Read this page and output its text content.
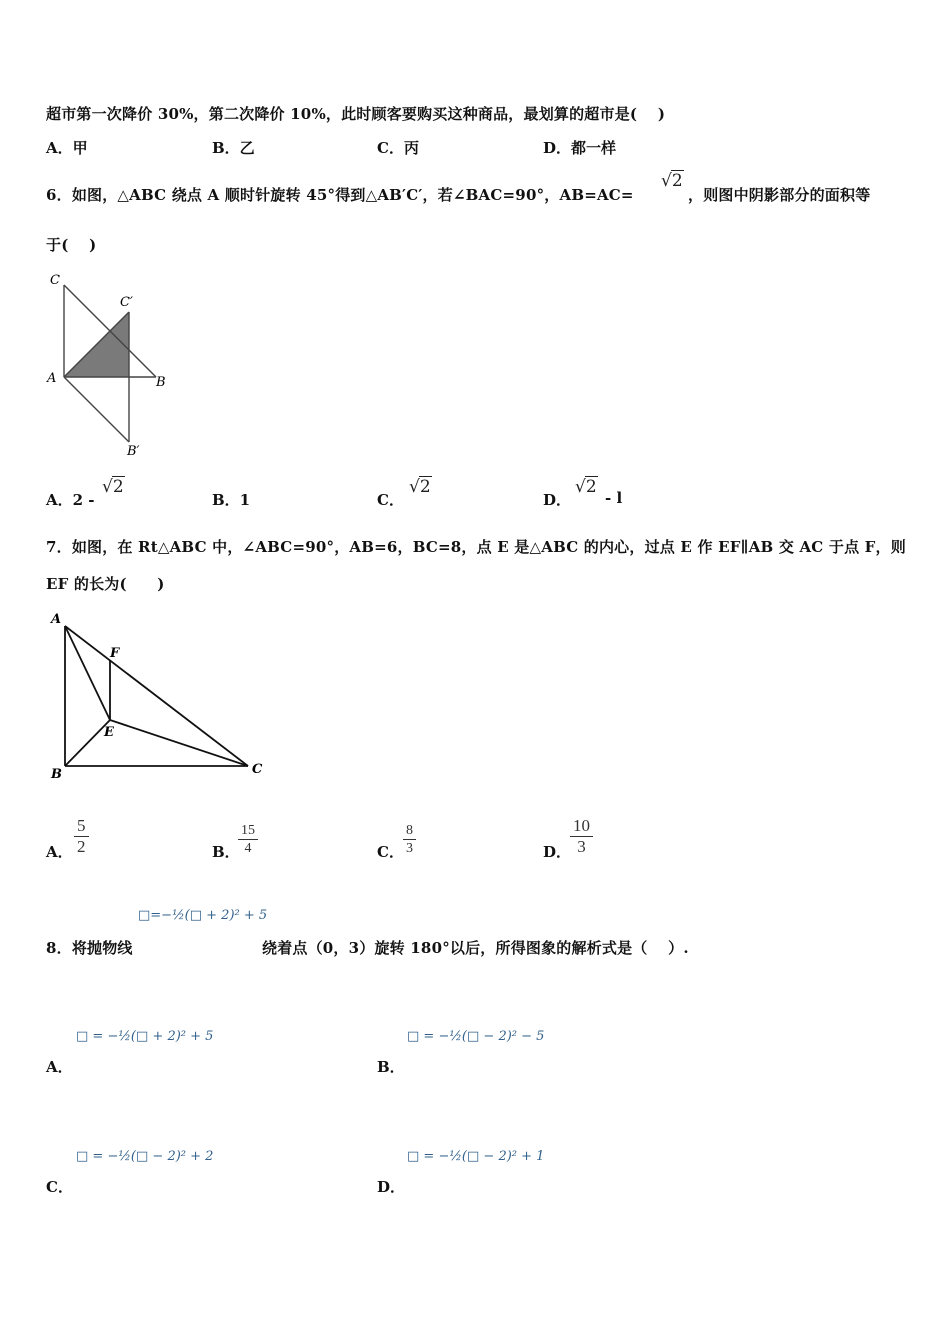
超市第一次降价 30%，第二次降价 10%，此时顾客要购买这种商品，最划算的超市是(　 )
A．甲	B．乙	C．丙	D．都一样
6．如图，△ABC 绕点 A 顺时针旋转 45°得到△AB′C′，若∠BAC=90°，AB=AC=
√2
，则图中阴影部分的面积等
于(　 )
C
C′
A	B
B′
A．2 -
√2
B．1	C．
√2
D．
√2
- l
7．如图，在 Rt△ABC 中，∠ABC=90°，AB=6，BC=8，点 E 是△ABC 的内心，过点 E 作 EF∥AB 交 AC 于点 F，则
EF 的长为(　　)
A
F
E
B	C
A． $\frac{5}{2}$	B．
$\frac{15}{4}$	C． $\frac{8}{3}$	D．
$\frac{10}{3}$
□=−½(□ + 2)² + 5
8．将抛物线	绕着点（0，3）旋转 180°以后，所得图象的解析式是（　 ）.
□ = −½(□ + 2)² + 5
A．
□ = −½(□ − 2)² − 5
B．
□ = −½(□ − 2)² + 2
C．
□ = −½(□ − 2)² + 1
D．
